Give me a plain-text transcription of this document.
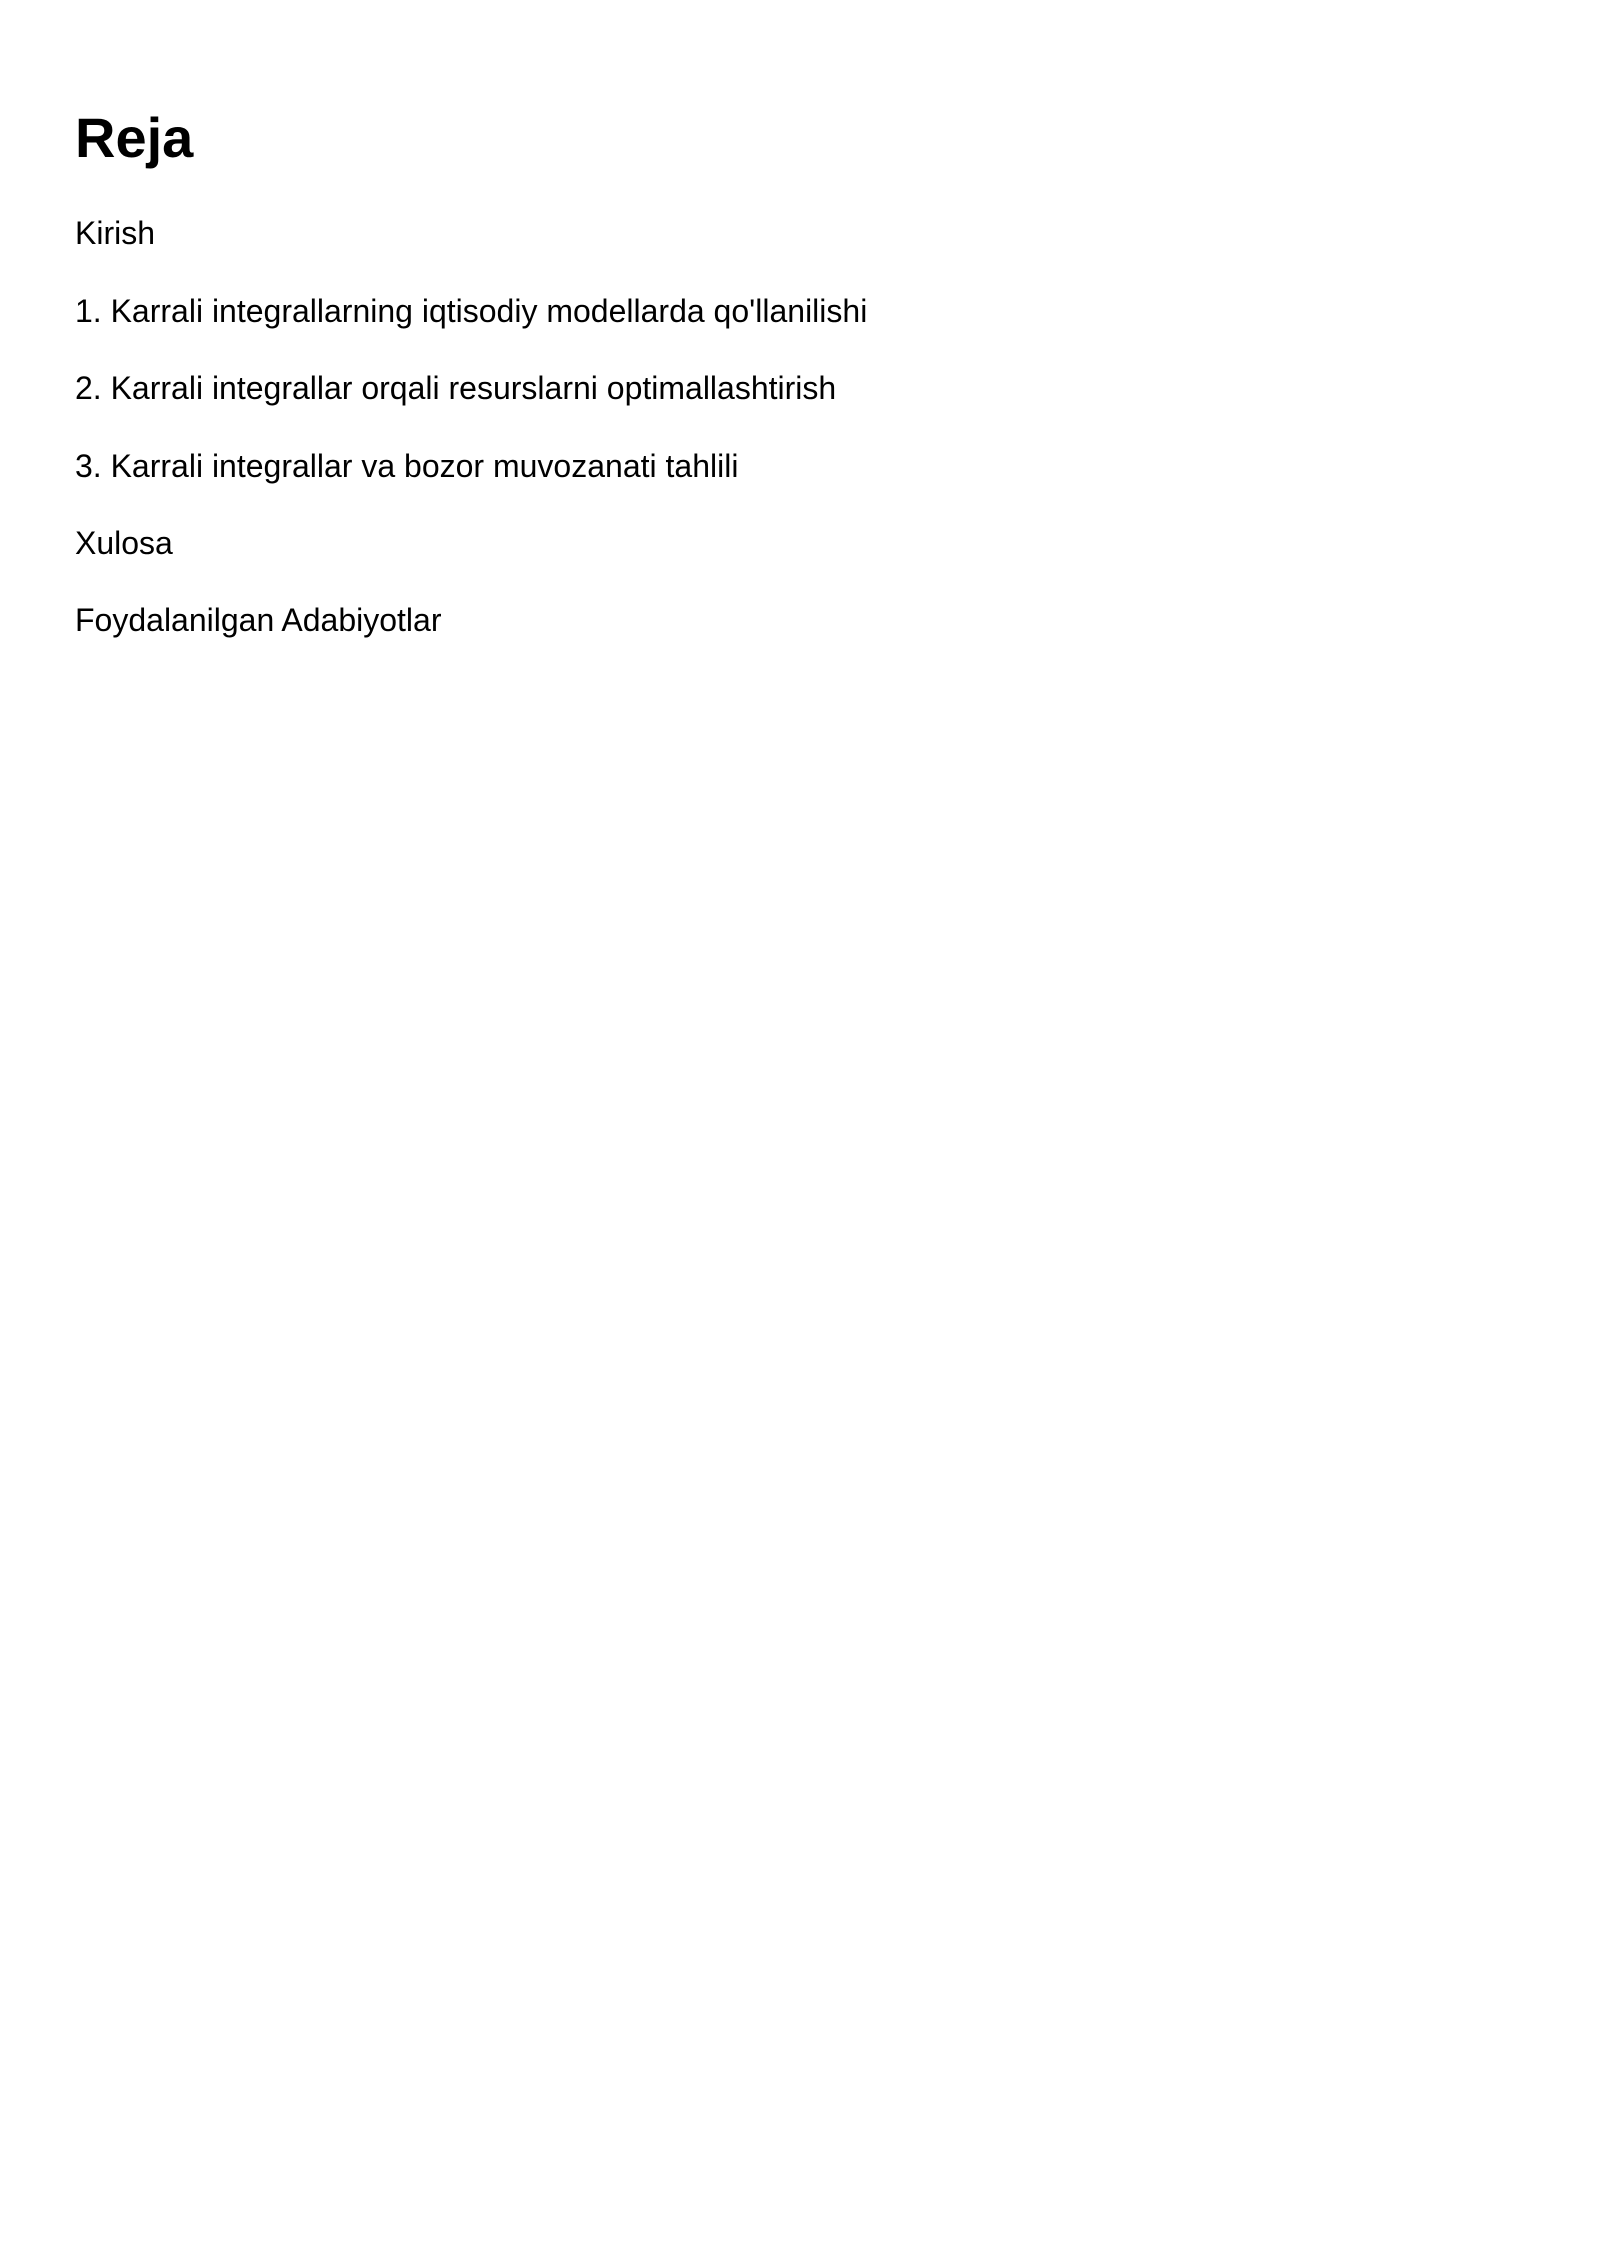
Reja

Kirish

1. Karrali integrallarning iqtisodiy modellarda qo'llanilishi

2. Karrali integrallar orqali resurslarni optimallashtirish

3. Karrali integrallar va bozor muvozanati tahlili

Xulosa

Foydalanilgan Adabiyotlar
